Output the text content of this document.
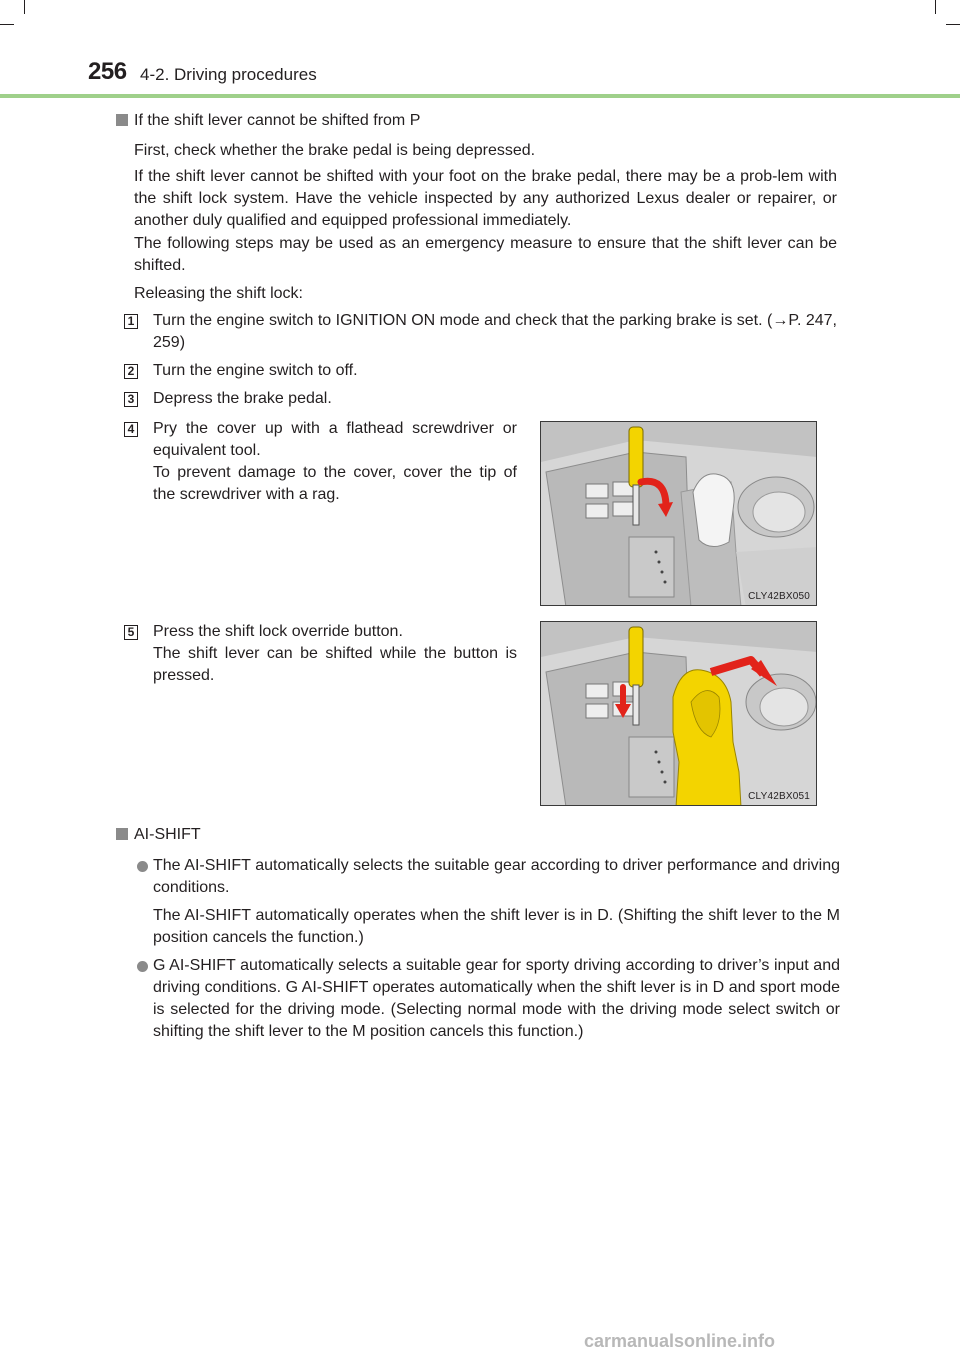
256 4-2. Driving procedures
If the shift lever cannot be shifted from P

First, check whether the brake pedal is being depressed.

If the shift lever cannot be shifted with your foot on the brake pedal, there may be a prob-lem with the shift lock system. Have the vehicle inspected by any authorized Lexus dealer or repairer, or another duly qualified and equipped professional immediately.

The following steps may be used as an emergency measure to ensure that the shift lever can be shifted.

Releasing the shift lock:

1 Turn the engine switch to IGNITION ON mode and check that the parking brake is set. (→P. 247, 259)

2 Turn the engine switch to off.

3 Depress the brake pedal.

4 Pry the cover up with a flathead screwdriver or equivalent tool.

To prevent damage to the cover, cover the tip of the screwdriver with a rag.

CLY42BX050
5 Press the shift lock override button.

The shift lever can be shifted while the button is pressed.

CLY42BX051
AI-SHIFT

The AI-SHIFT automatically selects the suitable gear according to driver performance and driving conditions.

The AI-SHIFT automatically operates when the shift lever is in D. (Shifting the shift lever to the M position cancels the function.)

G AI-SHIFT automatically selects a suitable gear for sporty driving according to driver’s input and driving conditions. G AI-SHIFT operates automatically when the shift lever is in D and sport mode is selected for the driving mode. (Selecting normal mode with the driving mode select switch or shifting the shift lever to the M position cancels this function.)

carmanualsonline.info
